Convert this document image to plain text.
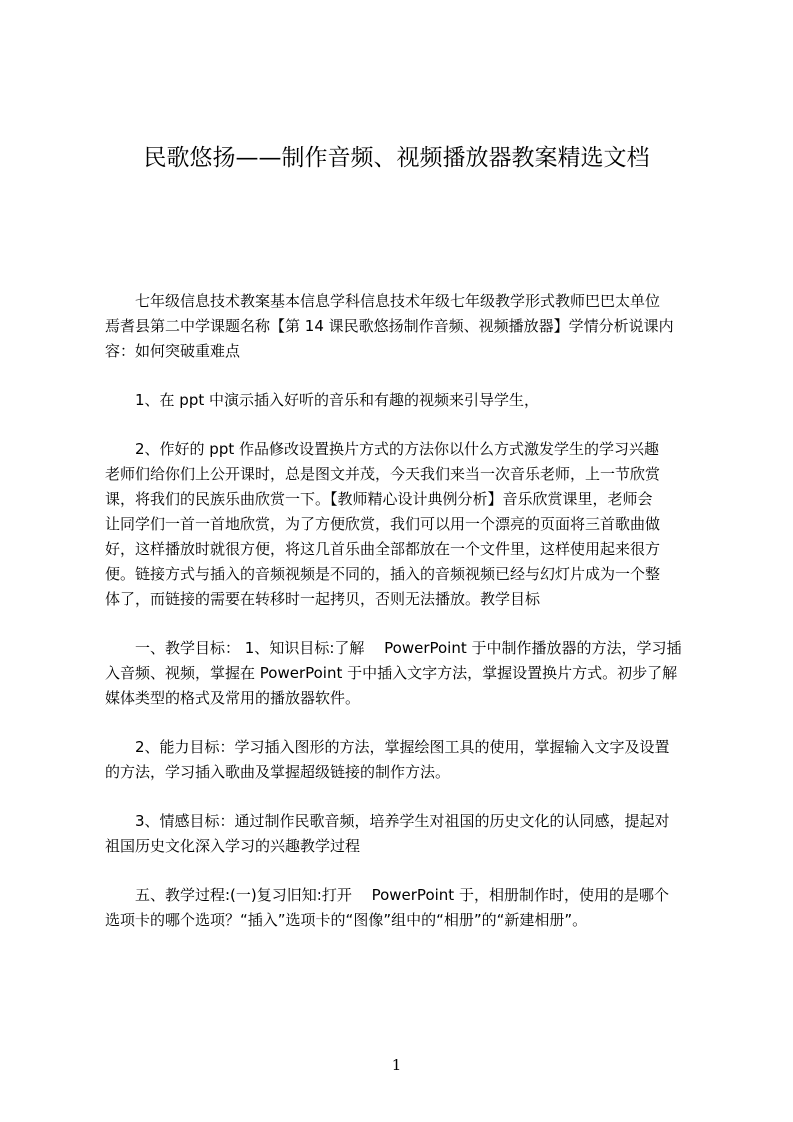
民歌悠扬——制作音频、视频播放器教案精选文档
　　七年级信息技术教案基本信息学科信息技术年级七年级教学形式教师巴巴太单位
焉耆县第二中学课题名称【第 14 课民歌悠扬制作音频、视频播放器】学情分析说课内
容：如何突破重难点
　　1、在 ppt 中演示插入好听的音乐和有趣的视频来引导学生，
　　2、作好的 ppt 作品修改设置换片方式的方法你以什么方式激发学生的学习兴趣
老师们给你们上公开课时，总是图文并茂，今天我们来当一次音乐老师，上一节欣赏
课，将我们的民族乐曲欣赏一下。【教师精心设计典例分析】音乐欣赏课里，老师会
让同学们一首一首地欣赏，为了方便欣赏，我们可以用一个漂亮的页面将三首歌曲做
好，这样播放时就很方便，将这几首乐曲全部都放在一个文件里，这样使用起来很方
便。链接方式与插入的音频视频是不同的，插入的音频视频已经与幻灯片成为一个整
体了，而链接的需要在转移时一起拷贝，否则无法播放。教学目标
　　一、教学目标： 1、知识目标:了解　 PowerPoint 于中制作播放器的方法，学习插
入音频、视频，掌握在 PowerPoint 于中插入文字方法，掌握设置换片方式。初步了解
媒体类型的格式及常用的播放器软件。
　　2、能力目标：学习插入图形的方法，掌握绘图工具的使用，掌握输入文字及设置
的方法，学习插入歌曲及掌握超级链接的制作方法。
　　3、情感目标：通过制作民歌音频，培养学生对祖国的历史文化的认同感，提起对
祖国历史文化深入学习的兴趣教学过程
　　五、教学过程:(一)复习旧知:打开　 PowerPoint 于，相册制作时，使用的是哪个
选项卡的哪个选项？“插入”选项卡的“图像”组中的“相册”的“新建相册”。
1
